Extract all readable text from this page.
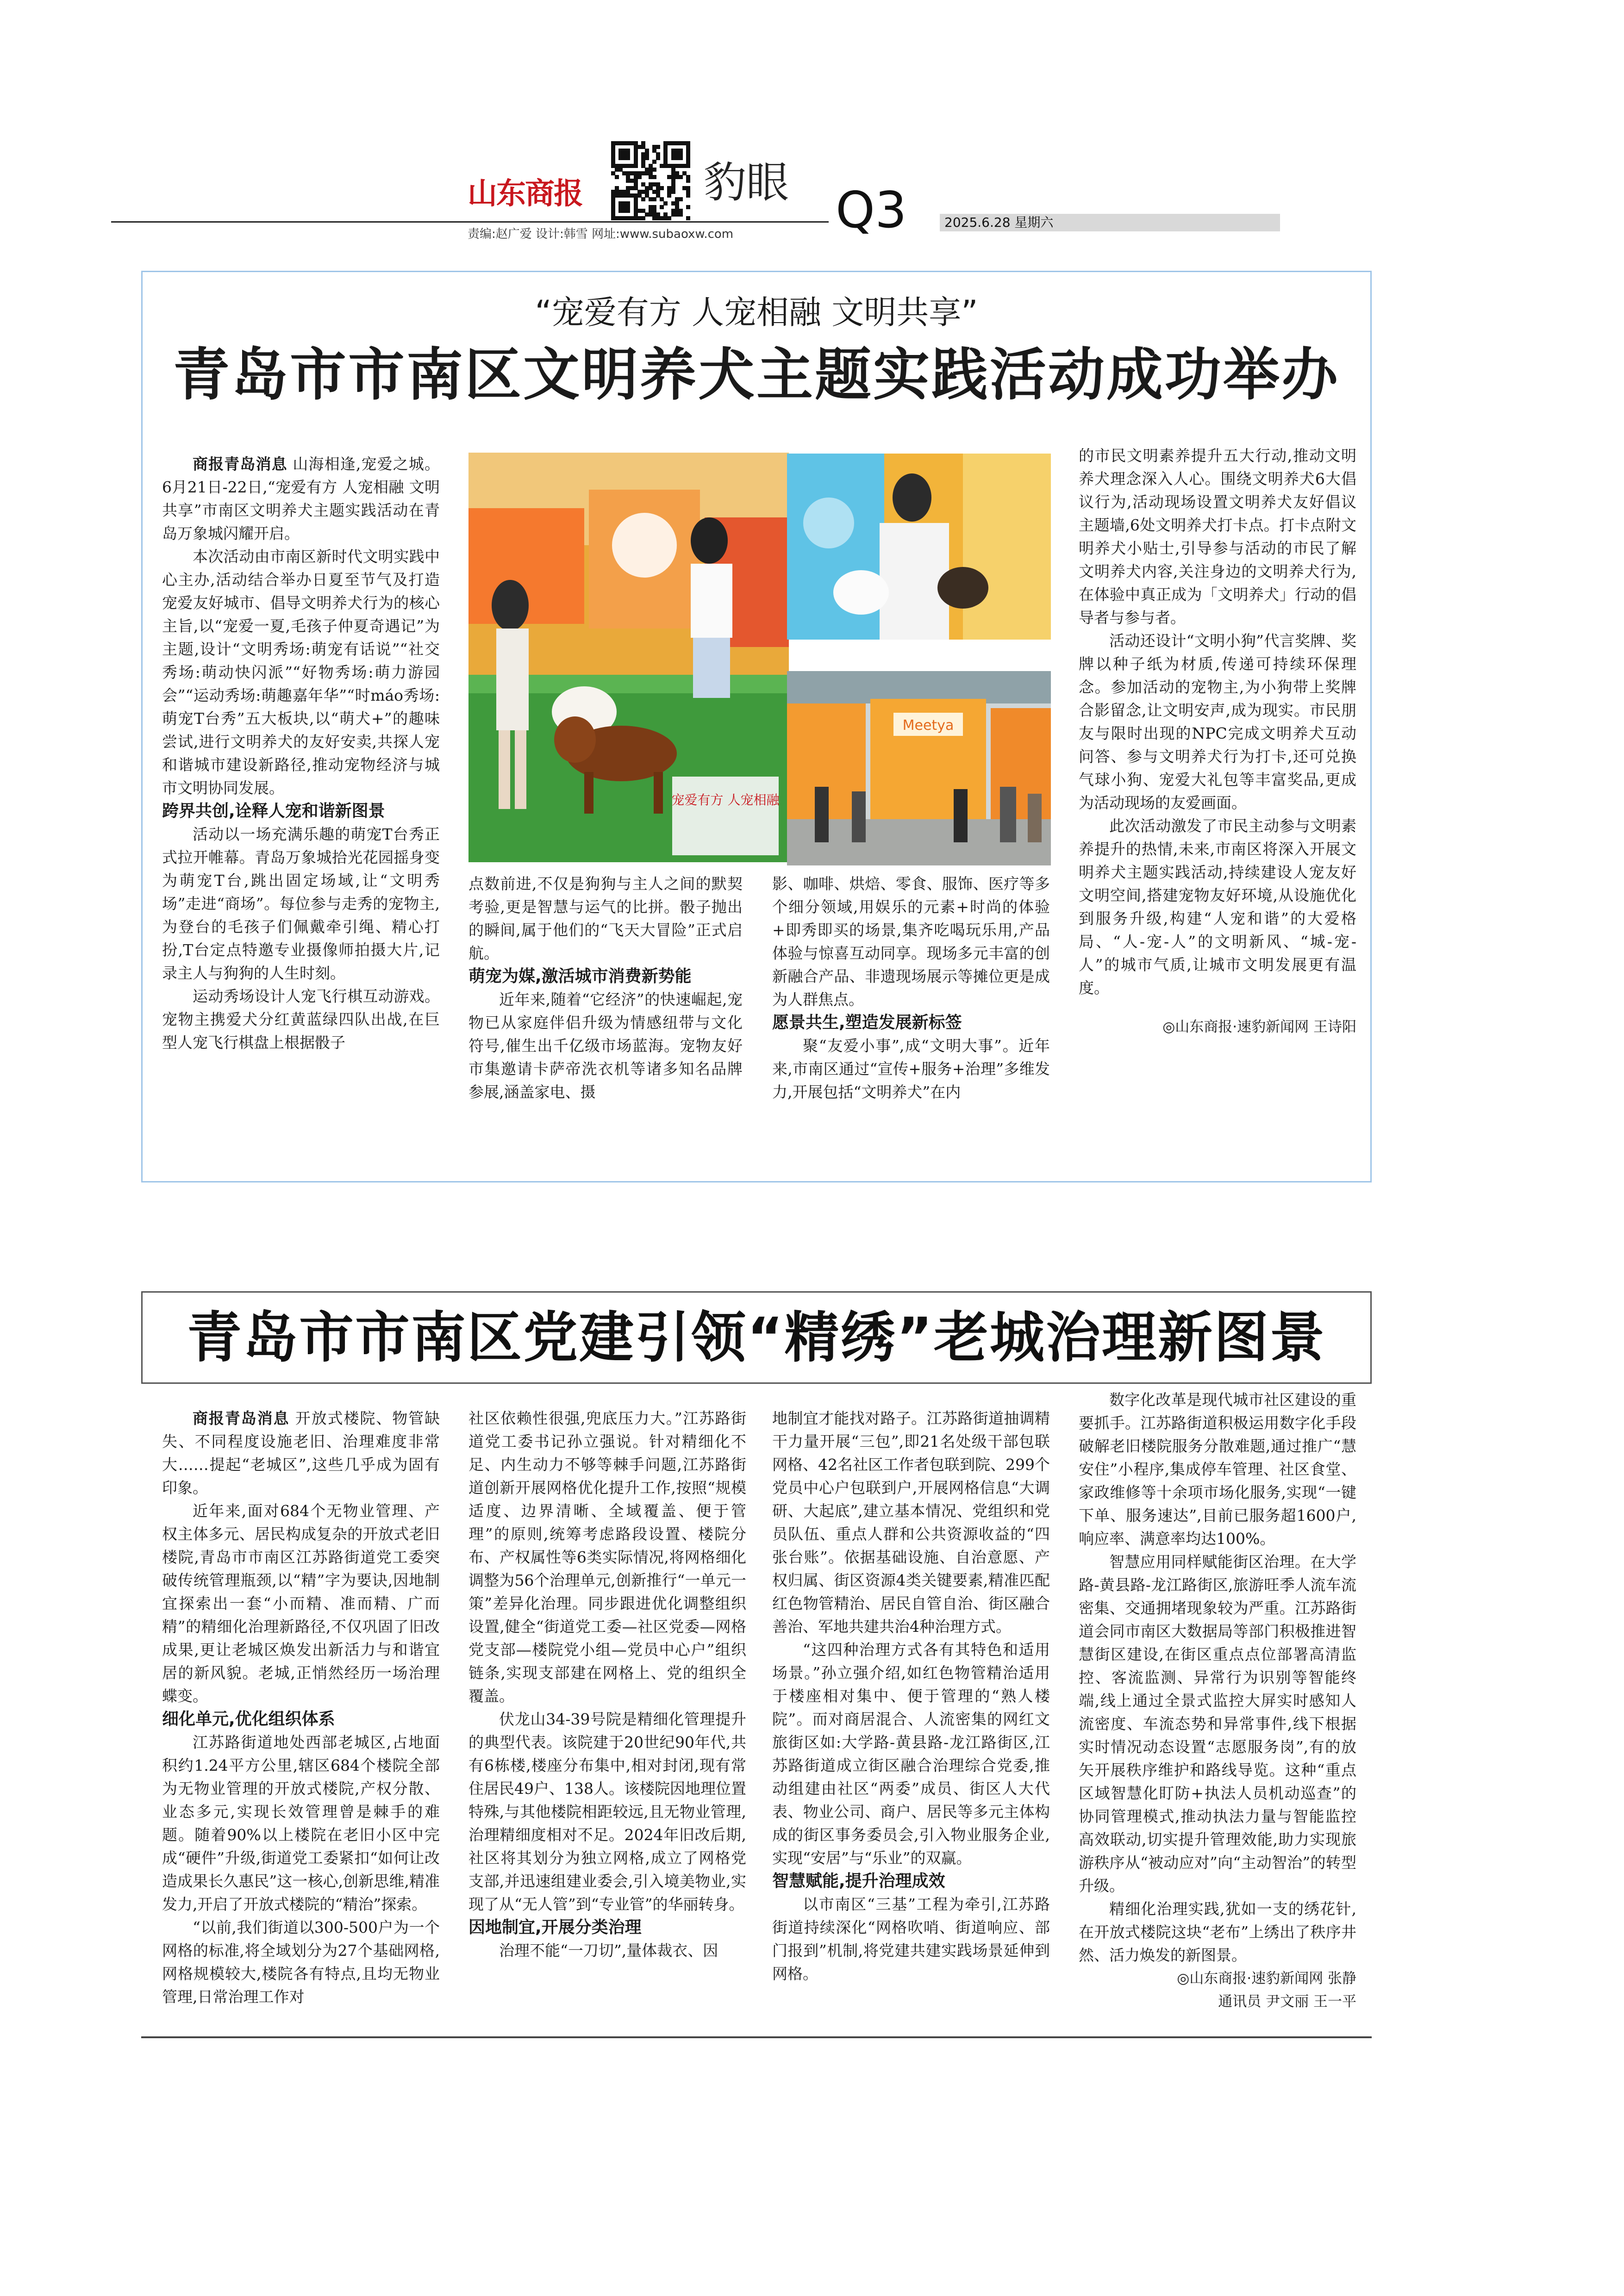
山东商报	豹眼 Q3	2025.6.28 星期六
责编:赵广爱 设计:韩雪 网址:www.subaoxw.com
“宠爱有方 人宠相融 文明共享”
青岛市市南区文明养犬主题实践活动成功举办

商报青岛消息 山海相逢,宠爱之城。6月21日-22日,“宠爱有方 人宠相融 文明共享”市南区文明养犬主题实践活动在青岛万象城闪耀开启。

本次活动由市南区新时代文明实践中心主办,活动结合举办日夏至节气及打造宠爱友好城市、倡导文明养犬行为的核心主旨,以“宠爱一夏,毛孩子仲夏奇遇记”为主题,设计“文明秀场:萌宠有话说”“社交秀场:萌动快闪派”“好物秀场:萌力游园会”“运动秀场:萌趣嘉年华”“时máo秀场:萌宠T台秀”五大板块,以“萌犬+”的趣味尝试,进行文明养犬的友好安卖,共探人宠和谐城市建设新路径,推动宠物经济与城市文明协同发展。

跨界共创,诠释人宠和谐新图景

活动以一场充满乐趣的萌宠T台秀正式拉开帷幕。青岛万象城拾光花园摇身变为萌宠T台,跳出固定场域,让“文明秀场”走进“商场”。每位参与走秀的宠物主,为登台的毛孩子们佩戴牵引绳、精心打扮,T台定点特邀专业摄像师拍摄大片,记录主人与狗狗的人生时刻。

运动秀场设计人宠飞行棋互动游戏。宠物主携爱犬分红黄蓝绿四队出战,在巨型人宠飞行棋盘上根据骰子

宠爱有方 人宠相融
Meetya

点数前进,不仅是狗狗与主人之间的默契考验,更是智慧与运气的比拼。骰子抛出的瞬间,属于他们的“飞天大冒险”正式启航。

萌宠为媒,激活城市消费新势能

近年来,随着“它经济”的快速崛起,宠物已从家庭伴侣升级为情感纽带与文化符号,催生出千亿级市场蓝海。宠物友好市集邀请卡萨帝洗衣机等诸多知名品牌参展,涵盖家电、摄

影、咖啡、烘焙、零食、服饰、医疗等多个细分领域,用娱乐的元素+时尚的体验+即秀即买的场景,集齐吃喝玩乐用,产品体验与惊喜互动同享。现场多元丰富的创新融合产品、非遗现场展示等摊位更是成为人群焦点。

愿景共生,塑造发展新标签

聚“友爱小事”,成“文明大事”。近年来,市南区通过“宣传+服务+治理”多维发力,开展包括“文明养犬”在内

的市民文明素养提升五大行动,推动文明养犬理念深入人心。围绕文明养犬6大倡议行为,活动现场设置文明养犬友好倡议主题墙,6处文明养犬打卡点。打卡点附文明养犬小贴士,引导参与活动的市民了解文明养犬内容,关注身边的文明养犬行为,在体验中真正成为「文明养犬」行动的倡导者与参与者。

活动还设计“文明小狗”代言奖牌、奖牌以种子纸为材质,传递可持续环保理念。参加活动的宠物主,为小狗带上奖牌合影留念,让文明安声,成为现实。市民朋友与限时出现的NPC完成文明养犬互动问答、参与文明养犬行为打卡,还可兑换气球小狗、宠爱大礼包等丰富奖品,更成为活动现场的友爱画面。

此次活动激发了市民主动参与文明素养提升的热情,未来,市南区将深入开展文明养犬主题实践活动,持续建设人宠友好文明空间,搭建宠物友好环境,从设施优化到服务升级,构建“人宠和谐”的大爱格局、“人-宠-人”的文明新风、“城-宠-人”的城市气质,让城市文明发展更有温度。

◎山东商报·速豹新闻网 王诗阳
青岛市市南区党建引领“精绣”老城治理新图景

商报青岛消息 开放式楼院、物管缺失、不同程度设施老旧、治理难度非常大……提起“老城区”,这些几乎成为固有印象。

近年来,面对684个无物业管理、产权主体多元、居民构成复杂的开放式老旧楼院,青岛市市南区江苏路街道党工委突破传统管理瓶颈,以“精”字为要诀,因地制宜探索出一套“小而精、准而精、广而精”的精细化治理新路径,不仅巩固了旧改成果,更让老城区焕发出新活力与和谐宜居的新风貌。老城,正悄然经历一场治理蝶变。

细化单元,优化组织体系

江苏路街道地处西部老城区,占地面积约1.24平方公里,辖区684个楼院全部为无物业管理的开放式楼院,产权分散、业态多元,实现长效管理曾是棘手的难题。随着90%以上楼院在老旧小区中完成“硬件”升级,街道党工委紧扣“如何让改造成果长久惠民”这一核心,创新思维,精准发力,开启了开放式楼院的“精治”探索。

“以前,我们街道以300-500户为一个网格的标准,将全域划分为27个基础网格,网格规模较大,楼院各有特点,且均无物业管理,日常治理工作对

社区依赖性很强,兜底压力大。”江苏路街道党工委书记孙立强说。针对精细化不足、内生动力不够等棘手问题,江苏路街道创新开展网格优化提升工作,按照“规模适度、边界清晰、全域覆盖、便于管理”的原则,统筹考虑路段设置、楼院分布、产权属性等6类实际情况,将网格细化调整为56个治理单元,创新推行“一单元一策”差异化治理。同步跟进优化调整组织设置,健全“街道党工委—社区党委—网格党支部—楼院党小组—党员中心户”组织链条,实现支部建在网格上、党的组织全覆盖。

伏龙山34-39号院是精细化管理提升的典型代表。该院建于20世纪90年代,共有6栋楼,楼座分布集中,相对封闭,现有常住居民49户、138人。该楼院因地理位置特殊,与其他楼院相距较远,且无物业管理,治理精细度相对不足。2024年旧改后期,社区将其划分为独立网格,成立了网格党支部,并迅速组建业委会,引入境美物业,实现了从“无人管”到“专业管”的华丽转身。

因地制宜,开展分类治理

治理不能“一刀切”,量体裁衣、因

地制宜才能找对路子。江苏路街道抽调精干力量开展“三包”,即21名处级干部包联网格、42名社区工作者包联到院、299个党员中心户包联到户,开展网格信息“大调研、大起底”,建立基本情况、党组织和党员队伍、重点人群和公共资源收益的“四张台账”。依据基础设施、自治意愿、产权归属、街区资源4类关键要素,精准匹配红色物管精治、居民自管自治、街区融合善治、军地共建共治4种治理方式。

“这四种治理方式各有其特色和适用场景。”孙立强介绍,如红色物管精治适用于楼座相对集中、便于管理的“熟人楼院”。而对商居混合、人流密集的网红文旅街区如:大学路-黄县路-龙江路街区,江苏路街道成立街区融合治理综合党委,推动组建由社区“两委”成员、街区人大代表、物业公司、商户、居民等多元主体构成的街区事务委员会,引入物业服务企业,实现“安居”与“乐业”的双赢。

智慧赋能,提升治理成效

以市南区“三基”工程为牵引,江苏路街道持续深化“网格吹哨、街道响应、部门报到”机制,将党建共建实践场景延伸到网格。

数字化改革是现代城市社区建设的重要抓手。江苏路街道积极运用数字化手段破解老旧楼院服务分散难题,通过推广“慧安住”小程序,集成停车管理、社区食堂、家政维修等十余项市场化服务,实现“一键下单、服务速达”,目前已服务超1600户,响应率、满意率均达100%。

智慧应用同样赋能街区治理。在大学路-黄县路-龙江路街区,旅游旺季人流车流密集、交通拥堵现象较为严重。江苏路街道会同市南区大数据局等部门积极推进智慧街区建设,在街区重点点位部署高清监控、客流监测、异常行为识别等智能终端,线上通过全景式监控大屏实时感知人流密度、车流态势和异常事件,线下根据实时情况动态设置“志愿服务岗”,有的放矢开展秩序维护和路线导览。这种“重点区域智慧化盯防+执法人员机动巡查”的协同管理模式,推动执法力量与智能监控高效联动,切实提升管理效能,助力实现旅游秩序从“被动应对”向“主动智治”的转型升级。

精细化治理实践,犹如一支的绣花针,在开放式楼院这块“老布”上绣出了秩序井然、活力焕发的新图景。

◎山东商报·速豹新闻网 张静
通讯员 尹文丽 王一平
